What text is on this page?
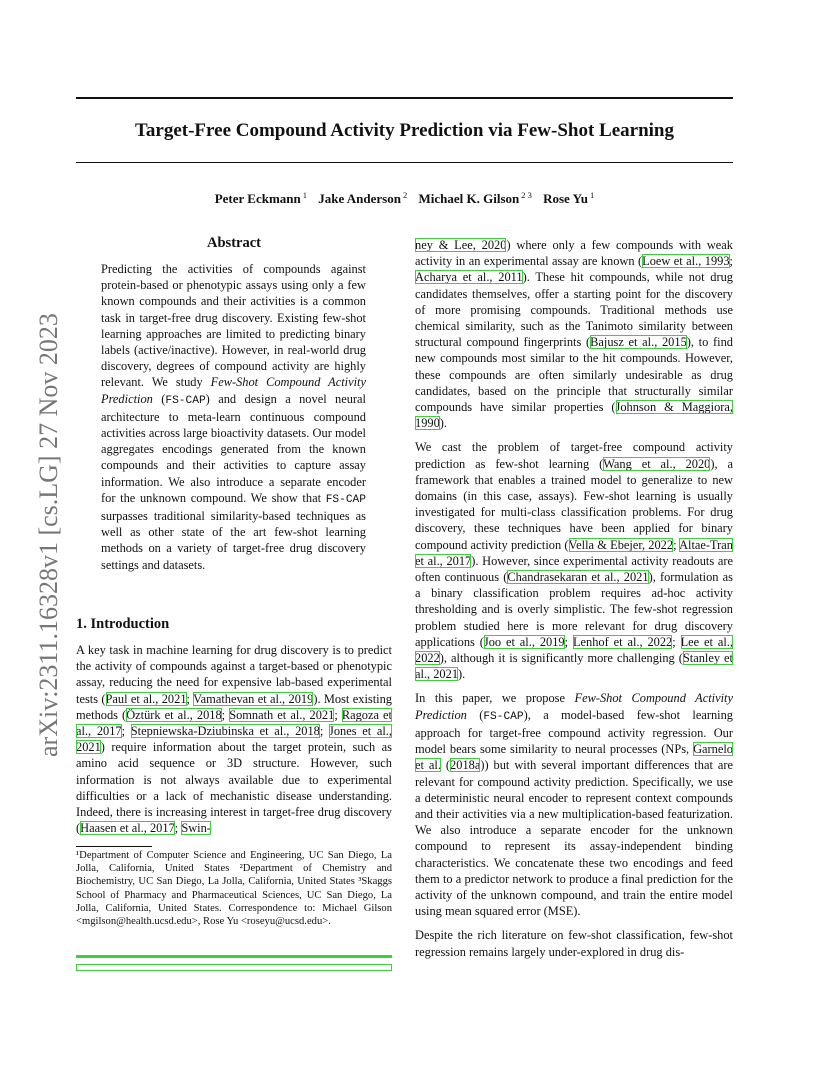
Target-Free Compound Activity Prediction via Few-Shot Learning
Peter Eckmann $^1$ Jake Anderson $^2$ Michael K. Gilson $^{2 3}$ Rose Yu $^1$
arXiv:2311.16328v1 [cs.LG] 27 Nov 2023
Abstract
Predicting the activities of compounds against protein-based or phenotypic assays using only a few known compounds and their activities is a common task in target-free drug discovery. Existing few-shot learning approaches are limited to predicting binary labels (active/inactive). However, in real-world drug discovery, degrees of compound activity are highly relevant. We study Few-Shot Compound Activity Prediction (FS-CAP) and design a novel neural architecture to meta-learn continuous compound activities across large bioactivity datasets. Our model aggregates encodings generated from the known compounds and their activities to capture assay information. We also introduce a separate encoder for the unknown compound. We show that FS-CAP surpasses traditional similarity-based techniques as well as other state of the art few-shot learning methods on a variety of target-free drug discovery settings and datasets.
1. Introduction
A key task in machine learning for drug discovery is to predict the activity of compounds against a target-based or phenotypic assay, reducing the need for expensive lab-based experimental tests (Paul et al., 2021; Vamathevan et al., 2019). Most existing methods (Öztürk et al., 2018; Somnath et al., 2021; Ragoza et al., 2017; Stepniewska-Dziubinska et al., 2018; Jones et al., 2021) require information about the target protein, such as amino acid sequence or 3D structure. However, such information is not always available due to experimental difficulties or a lack of mechanistic disease understanding. Indeed, there is increasing interest in target-free drug discovery (Haasen et al., 2017; Swin-
¹Department of Computer Science and Engineering, UC San Diego, La Jolla, California, United States ²Department of Chemistry and Biochemistry, UC San Diego, La Jolla, California, United States ³Skaggs School of Pharmacy and Pharmaceutical Sciences, UC San Diego, La Jolla, California, United States. Correspondence to: Michael Gilson <mgilson@health.ucsd.edu>, Rose Yu <roseyu@ucsd.edu>.

ney & Lee, 2020) where only a few compounds with weak activity in an experimental assay are known (Loew et al., 1993; Acharya et al., 2011). These hit compounds, while not drug candidates themselves, offer a starting point for the discovery of more promising compounds. Traditional methods use chemical similarity, such as the Tanimoto similarity between structural compound fingerprints (Bajusz et al., 2015), to find new compounds most similar to the hit compounds. However, these compounds are often similarly undesirable as drug candidates, based on the principle that structurally similar compounds have similar properties (Johnson & Maggiora, 1990).

We cast the problem of target-free compound activity prediction as few-shot learning (Wang et al., 2020), a framework that enables a trained model to generalize to new domains (in this case, assays). Few-shot learning is usually investigated for multi-class classification problems. For drug discovery, these techniques have been applied for binary compound activity prediction (Vella & Ebejer, 2022; Altae-Tran et al., 2017). However, since experimental activity readouts are often continuous (Chandrasekaran et al., 2021), formulation as a binary classification problem requires ad-hoc activity thresholding and is overly simplistic. The few-shot regression problem studied here is more relevant for drug discovery applications (Joo et al., 2019; Lenhof et al., 2022; Lee et al., 2022), although it is significantly more challenging (Stanley et al., 2021).

In this paper, we propose Few-Shot Compound Activity Prediction (FS-CAP), a model-based few-shot learning approach for target-free compound activity regression. Our model bears some similarity to neural processes (NPs, Garnelo et al. (2018a)) but with several important differences that are relevant for compound activity prediction. Specifically, we use a deterministic neural encoder to represent context compounds and their activities via a new multiplication-based featurization. We also introduce a separate encoder for the unknown compound to represent its assay-independent binding characteristics. We concatenate these two encodings and feed them to a predictor network to produce a final prediction for the activity of the unknown compound, and train the entire model using mean squared error (MSE).

Despite the rich literature on few-shot classification, few-shot regression remains largely under-explored in drug dis-
